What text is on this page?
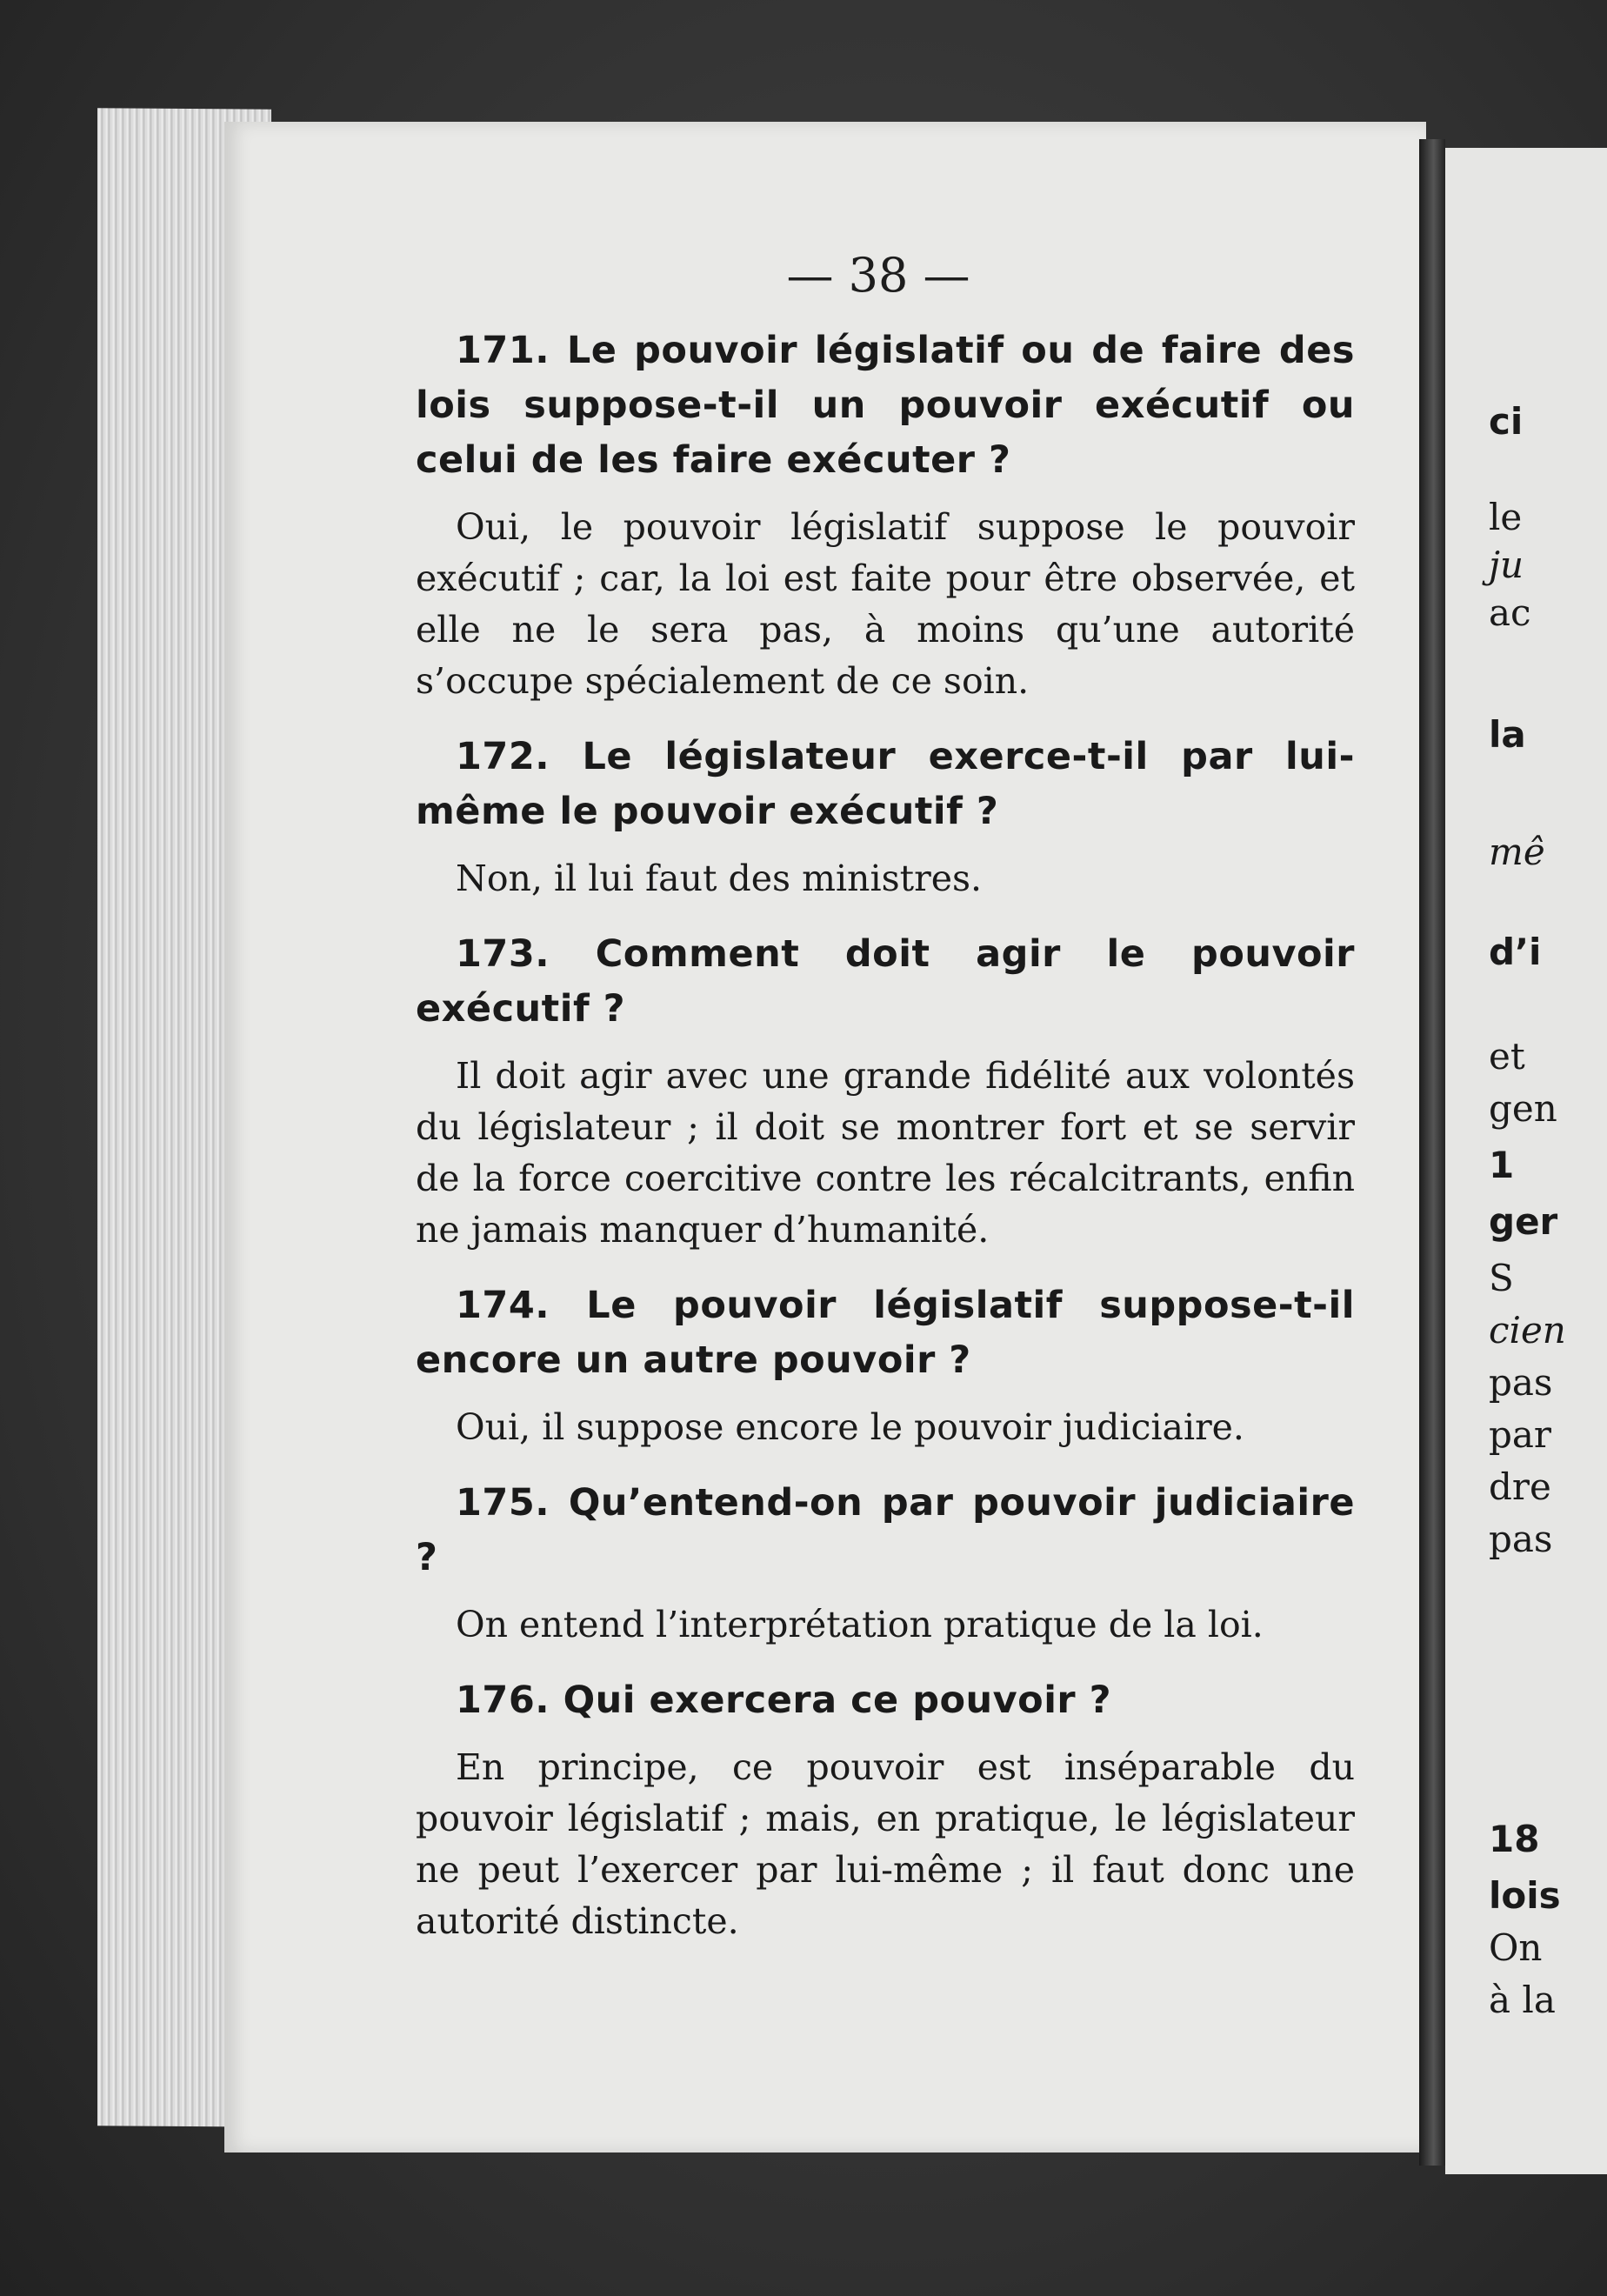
ci
le
ju
ac
la
mê
d’i
et
gen
1
ger
S
cien
pas
par
dre
pas
18
lois
On
à la
— 38 —

171. Le pouvoir législatif ou de faire des lois suppose-t-il un pouvoir exécutif ou celui de les faire exécuter ?

Oui, le pouvoir législatif suppose le pouvoir exécutif ; car, la loi est faite pour être observée, et elle ne le sera pas, à moins qu’une autorité s’occupe spécialement de ce soin.

172. Le législateur exerce-t-il par lui-même le pouvoir exécutif ?

Non, il lui faut des ministres.

173. Comment doit agir le pouvoir exécutif ?

Il doit agir avec une grande fidélité aux volontés du législateur ; il doit se montrer fort et se servir de la force coercitive contre les récalcitrants, enfin ne jamais manquer d’humanité.

174. Le pouvoir législatif suppose-t-il encore un autre pouvoir ?

Oui, il suppose encore le pouvoir judiciaire.

175. Qu’entend-on par pouvoir judiciaire ?

On entend l’interprétation pratique de la loi.

176. Qui exercera ce pouvoir ?

En principe, ce pouvoir est inséparable du pouvoir législatif ; mais, en pratique, le législateur ne peut l’exercer par lui-même ; il faut donc une autorité distincte.
